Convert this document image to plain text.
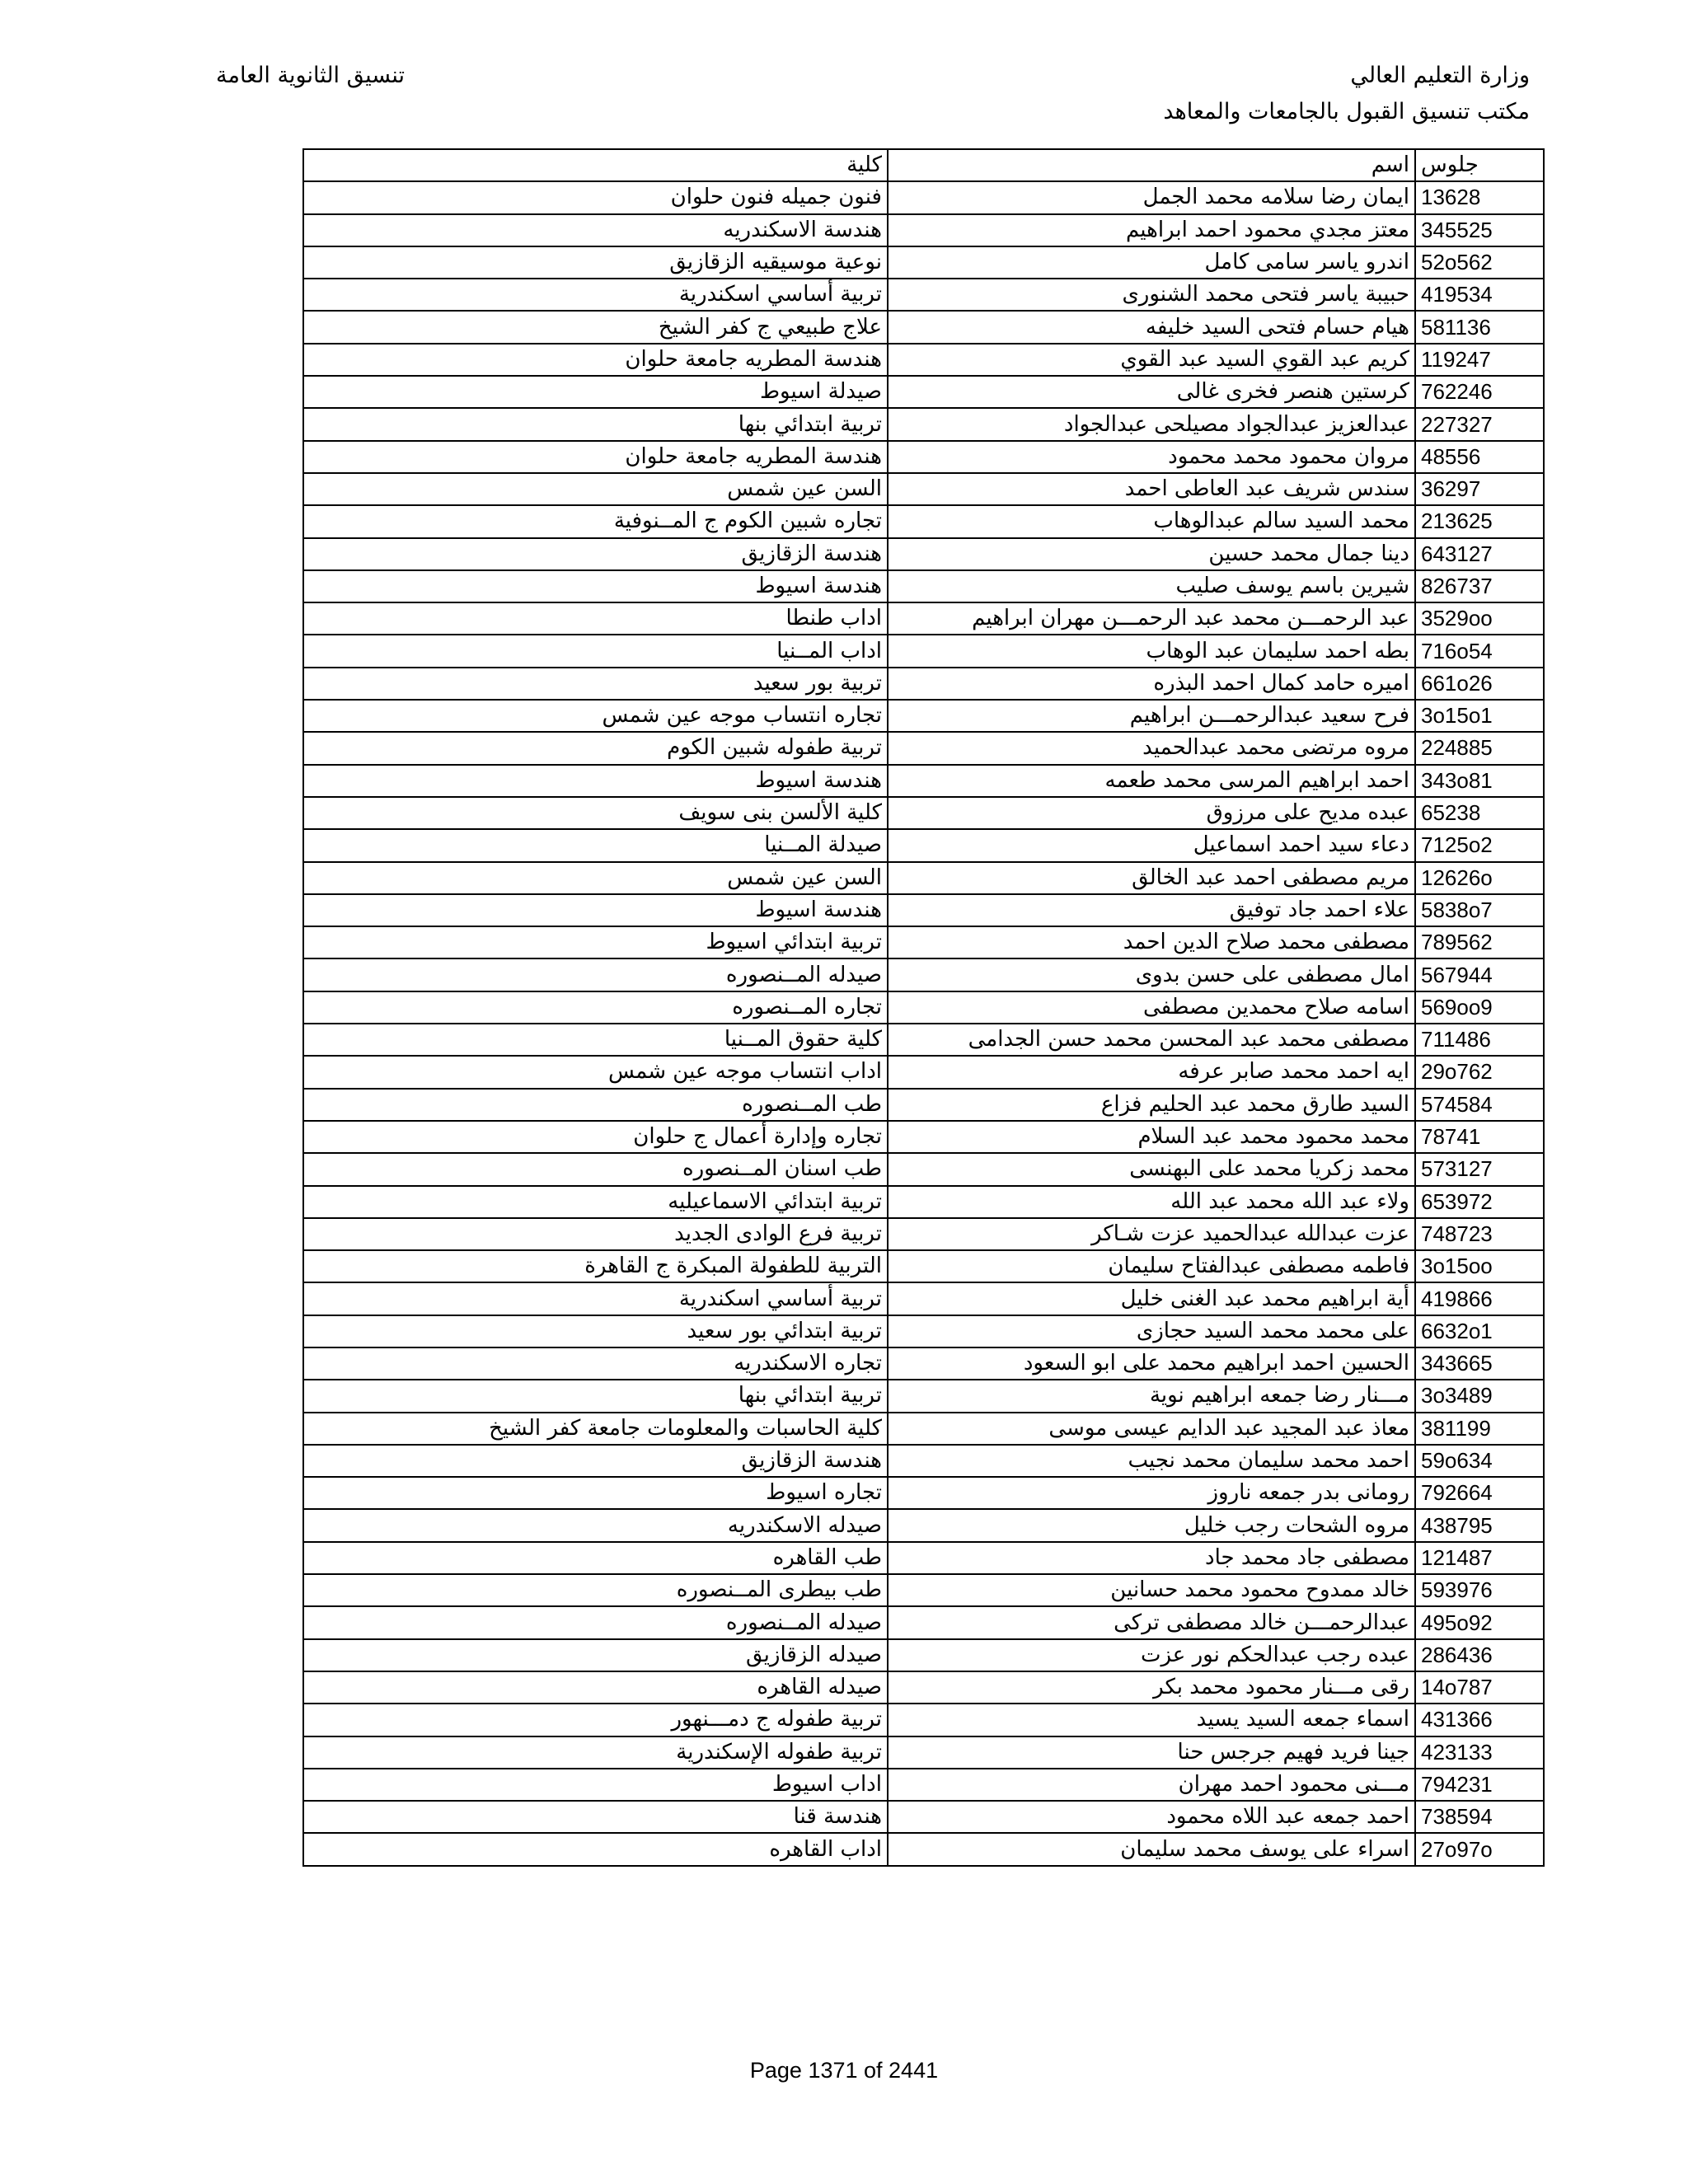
وزارة التعليم العالي
مكتب تنسيق القبول بالجامعات والمعاهد
تنسيق الثانوية العامة
كلية	اسم	جلوس
فنون جميله فنون حلوان	ايمان رضا سلامه محمد الجمل	13628
هندسة الاسكندريه	معتز مجدي محمود احمد ابراهيم	345525
نوعية موسيقيه الزقازيق	اندرو ياسر سامى كامل	52o562
تربية أساسي اسكندرية	حبيبة ياسر فتحى محمد الشنورى	419534
علاج طبيعي ج كفر الشيخ	هيام حسام فتحى السيد خليفه	581136
هندسة المطريه جامعة حلوان	كريم عبد القوي السيد عبد القوي	119247
صيدلة اسيوط	كرستين هنصر فخرى غالى	762246
تربية ابتدائي بنها	عبدالعزيز عبدالجواد مصيلحى عبدالجواد	227327
هندسة المطريه جامعة حلوان	مروان محمود محمد محمود	48556
السن عين شمس	سندس شريف عبد العاطى احمد	36297
تجاره شبين الكوم ج المــنوفية	محمد السيد سالم عبدالوهاب	213625
هندسة الزقازيق	دينا جمال محمد حسين	643127
هندسة اسيوط	شيرين باسم يوسف صليب	826737
اداب طنطا	عبد الرحمـــن محمد عبد الرحمـــن مهران ابراهيم	3529oo
اداب المــنيا	بطه احمد سليمان عبد الوهاب	716o54
تربية بور سعيد	اميره حامد كمال احمد البذره	661o26
تجاره انتساب موجه عين شمس	فرح سعيد عبدالرحمـــن ابراهيم	3o15o1
تربية طفوله شبين الكوم	مروه مرتضى محمد عبدالحميد	224885
هندسة اسيوط	احمد ابراهيم المرسى محمد طعمه	343o81
كلية الألسن بنى سويف	عبده مديح على مرزوق	65238
صيدلة المــنيا	دعاء سيد احمد اسماعيل	7125o2
السن عين شمس	مريم مصطفى احمد عبد الخالق	12626o
هندسة اسيوط	علاء احمد جاد توفيق	5838o7
تربية ابتدائي اسيوط	مصطفى محمد صلاح الدين احمد	789562
صيدله المــنصوره	امال مصطفى على حسن بدوى	567944
تجاره المــنصوره	اسامه صلاح محمدين مصطفى	569oo9
كلية حقوق المــنيا	مصطفى محمد عبد المحسن محمد حسن الجدامى	711486
اداب انتساب موجه عين شمس	ايه احمد محمد صابر عرفه	29o762
طب المــنصوره	السيد طارق محمد عبد الحليم فزاع	574584
تجاره وإدارة أعمال ج حلوان	محمد محمود محمد عبد السلام	78741
طب اسنان المــنصوره	محمد زكريا محمد على البهنسى	573127
تربية ابتدائي الاسماعيليه	ولاء عبد الله محمد عبد الله	653972
تربية فرع الوادى الجديد	عزت عبدالله عبدالحميد عزت شـاكر	748723
التربية للطفولة المبكرة ج القاهرة	فاطمه مصطفى عبدالفتاح سليمان	3o15oo
تربية أساسي اسكندرية	أية ابراهيم محمد عبد الغنى خليل	419866
تربية ابتدائي بور سعيد	على محمد محمد السيد حجازى	6632o1
تجاره الاسكندريه	الحسين احمد ابراهيم محمد على ابو السعود	343665
تربية ابتدائي بنها	مـــنار رضا جمعه ابراهيم نوية	3o3489
كلية الحاسبات والمعلومات جامعة كفر الشيخ	معاذ عبد المجيد عبد الدايم عيسى موسى	381199
هندسة الزقازيق	احمد محمد سليمان محمد نجيب	59o634
تجاره اسيوط	رومانى بدر جمعه ناروز	792664
صيدله الاسكندريه	مروه الشحات رجب خليل	438795
طب القاهره	مصطفى جاد محمد جاد	121487
طب بيطرى المــنصوره	خالد ممدوح محمود محمد حسانين	593976
صيدله المــنصوره	عبدالرحمـــن خالد مصطفى تركى	495o92
صيدله الزقازيق	عبده رجب عبدالحكم نور عزت	286436
صيدله القاهره	رقى مـــنار محمود محمد بكر	14o787
تربية طفوله ج دمـــنهور	اسماء جمعه السيد يسيد	431366
تربية طفوله الإسكندرية	جينا فريد فهيم جرجس حنا	423133
اداب اسيوط	مـــنى محمود احمد مهران	794231
هندسة قنا	احمد جمعه عبد اللاه محمود	738594
اداب القاهره	اسراء على يوسف محمد سليمان	27o97o
Page 1371 of 2441
